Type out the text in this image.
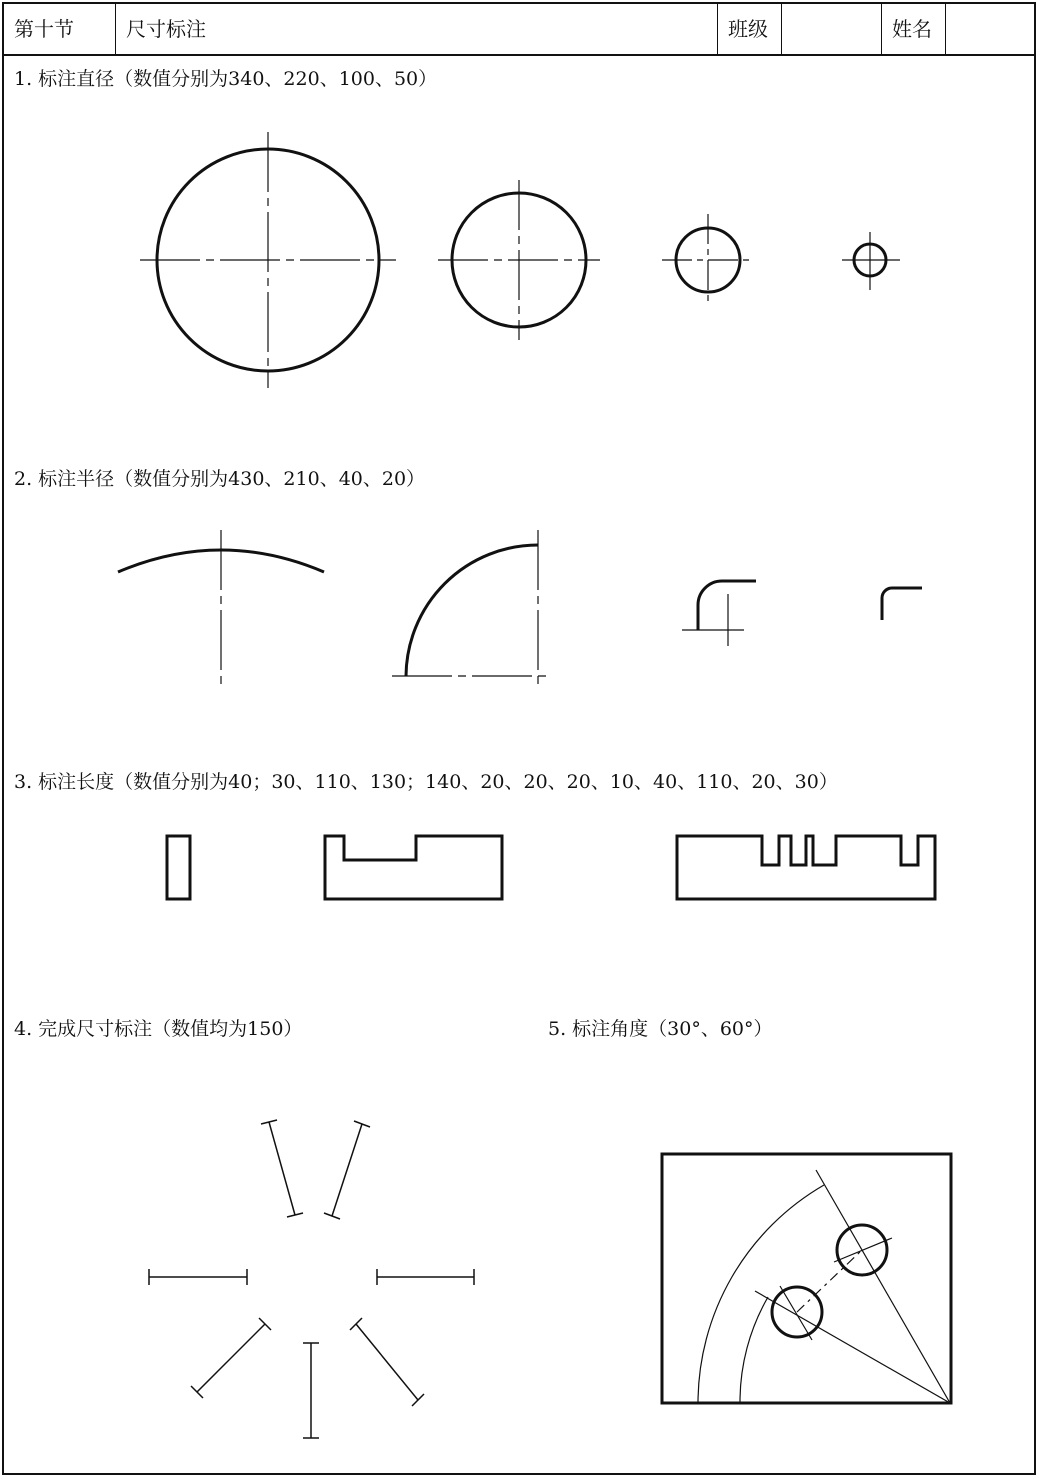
第十节	尺寸标注	班级	姓名
1. 标注直径（数值分别为340、220、100、50）
2. 标注半径（数值分别为430、210、40、20）
3. 标注长度（数值分别为40；30、110、130；140、20、20、20、10、40、110、20、30）
4. 完成尺寸标注（数值均为150）	5. 标注角度（30°、60°）
